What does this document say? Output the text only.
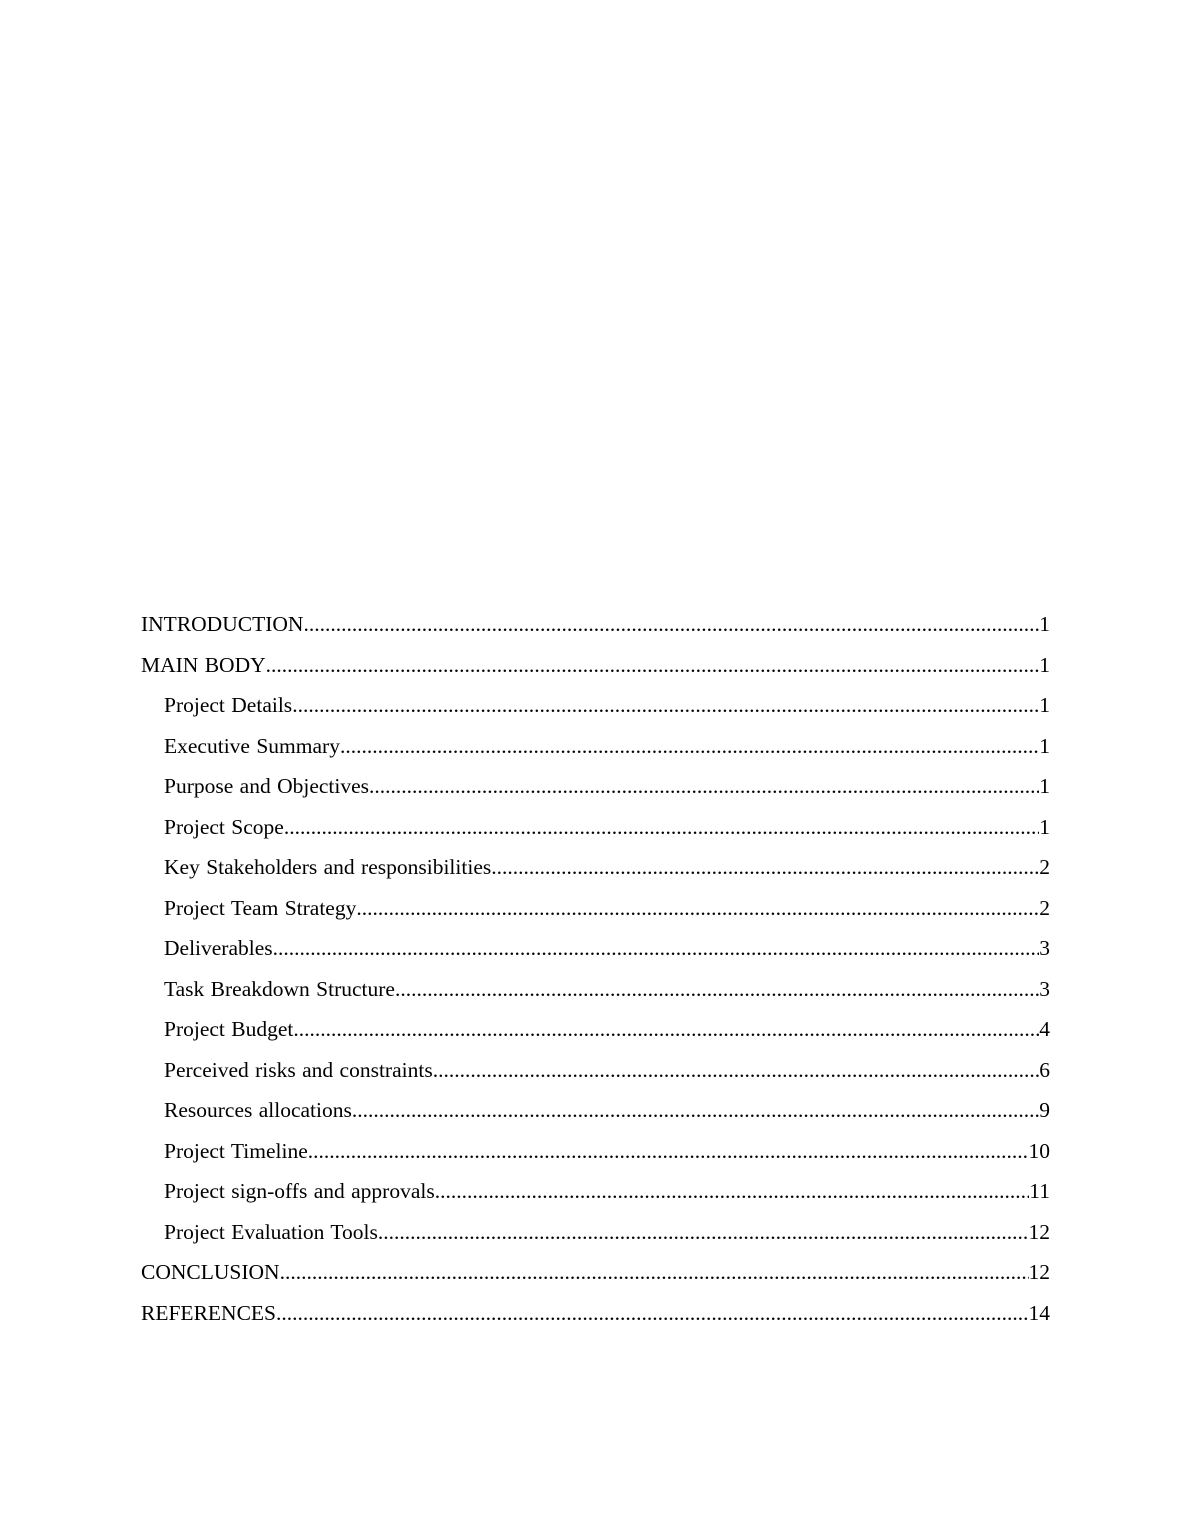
INTRODUCTION .....	1
MAIN BODY .....	1
Project Details .....	1
Executive Summary .....	1
Purpose and Objectives .....	1
Project Scope .....	1
Key Stakeholders and responsibilities .....	2
Project Team Strategy .....	2
Deliverables .....	3
Task Breakdown Structure .....	3
Project Budget .....	4
Perceived risks and constraints .....	6
Resources allocations .....	9
Project Timeline .....	10
Project sign-offs and approvals .....	11
Project Evaluation Tools .....	12
CONCLUSION .....	12
REFERENCES .....	14
